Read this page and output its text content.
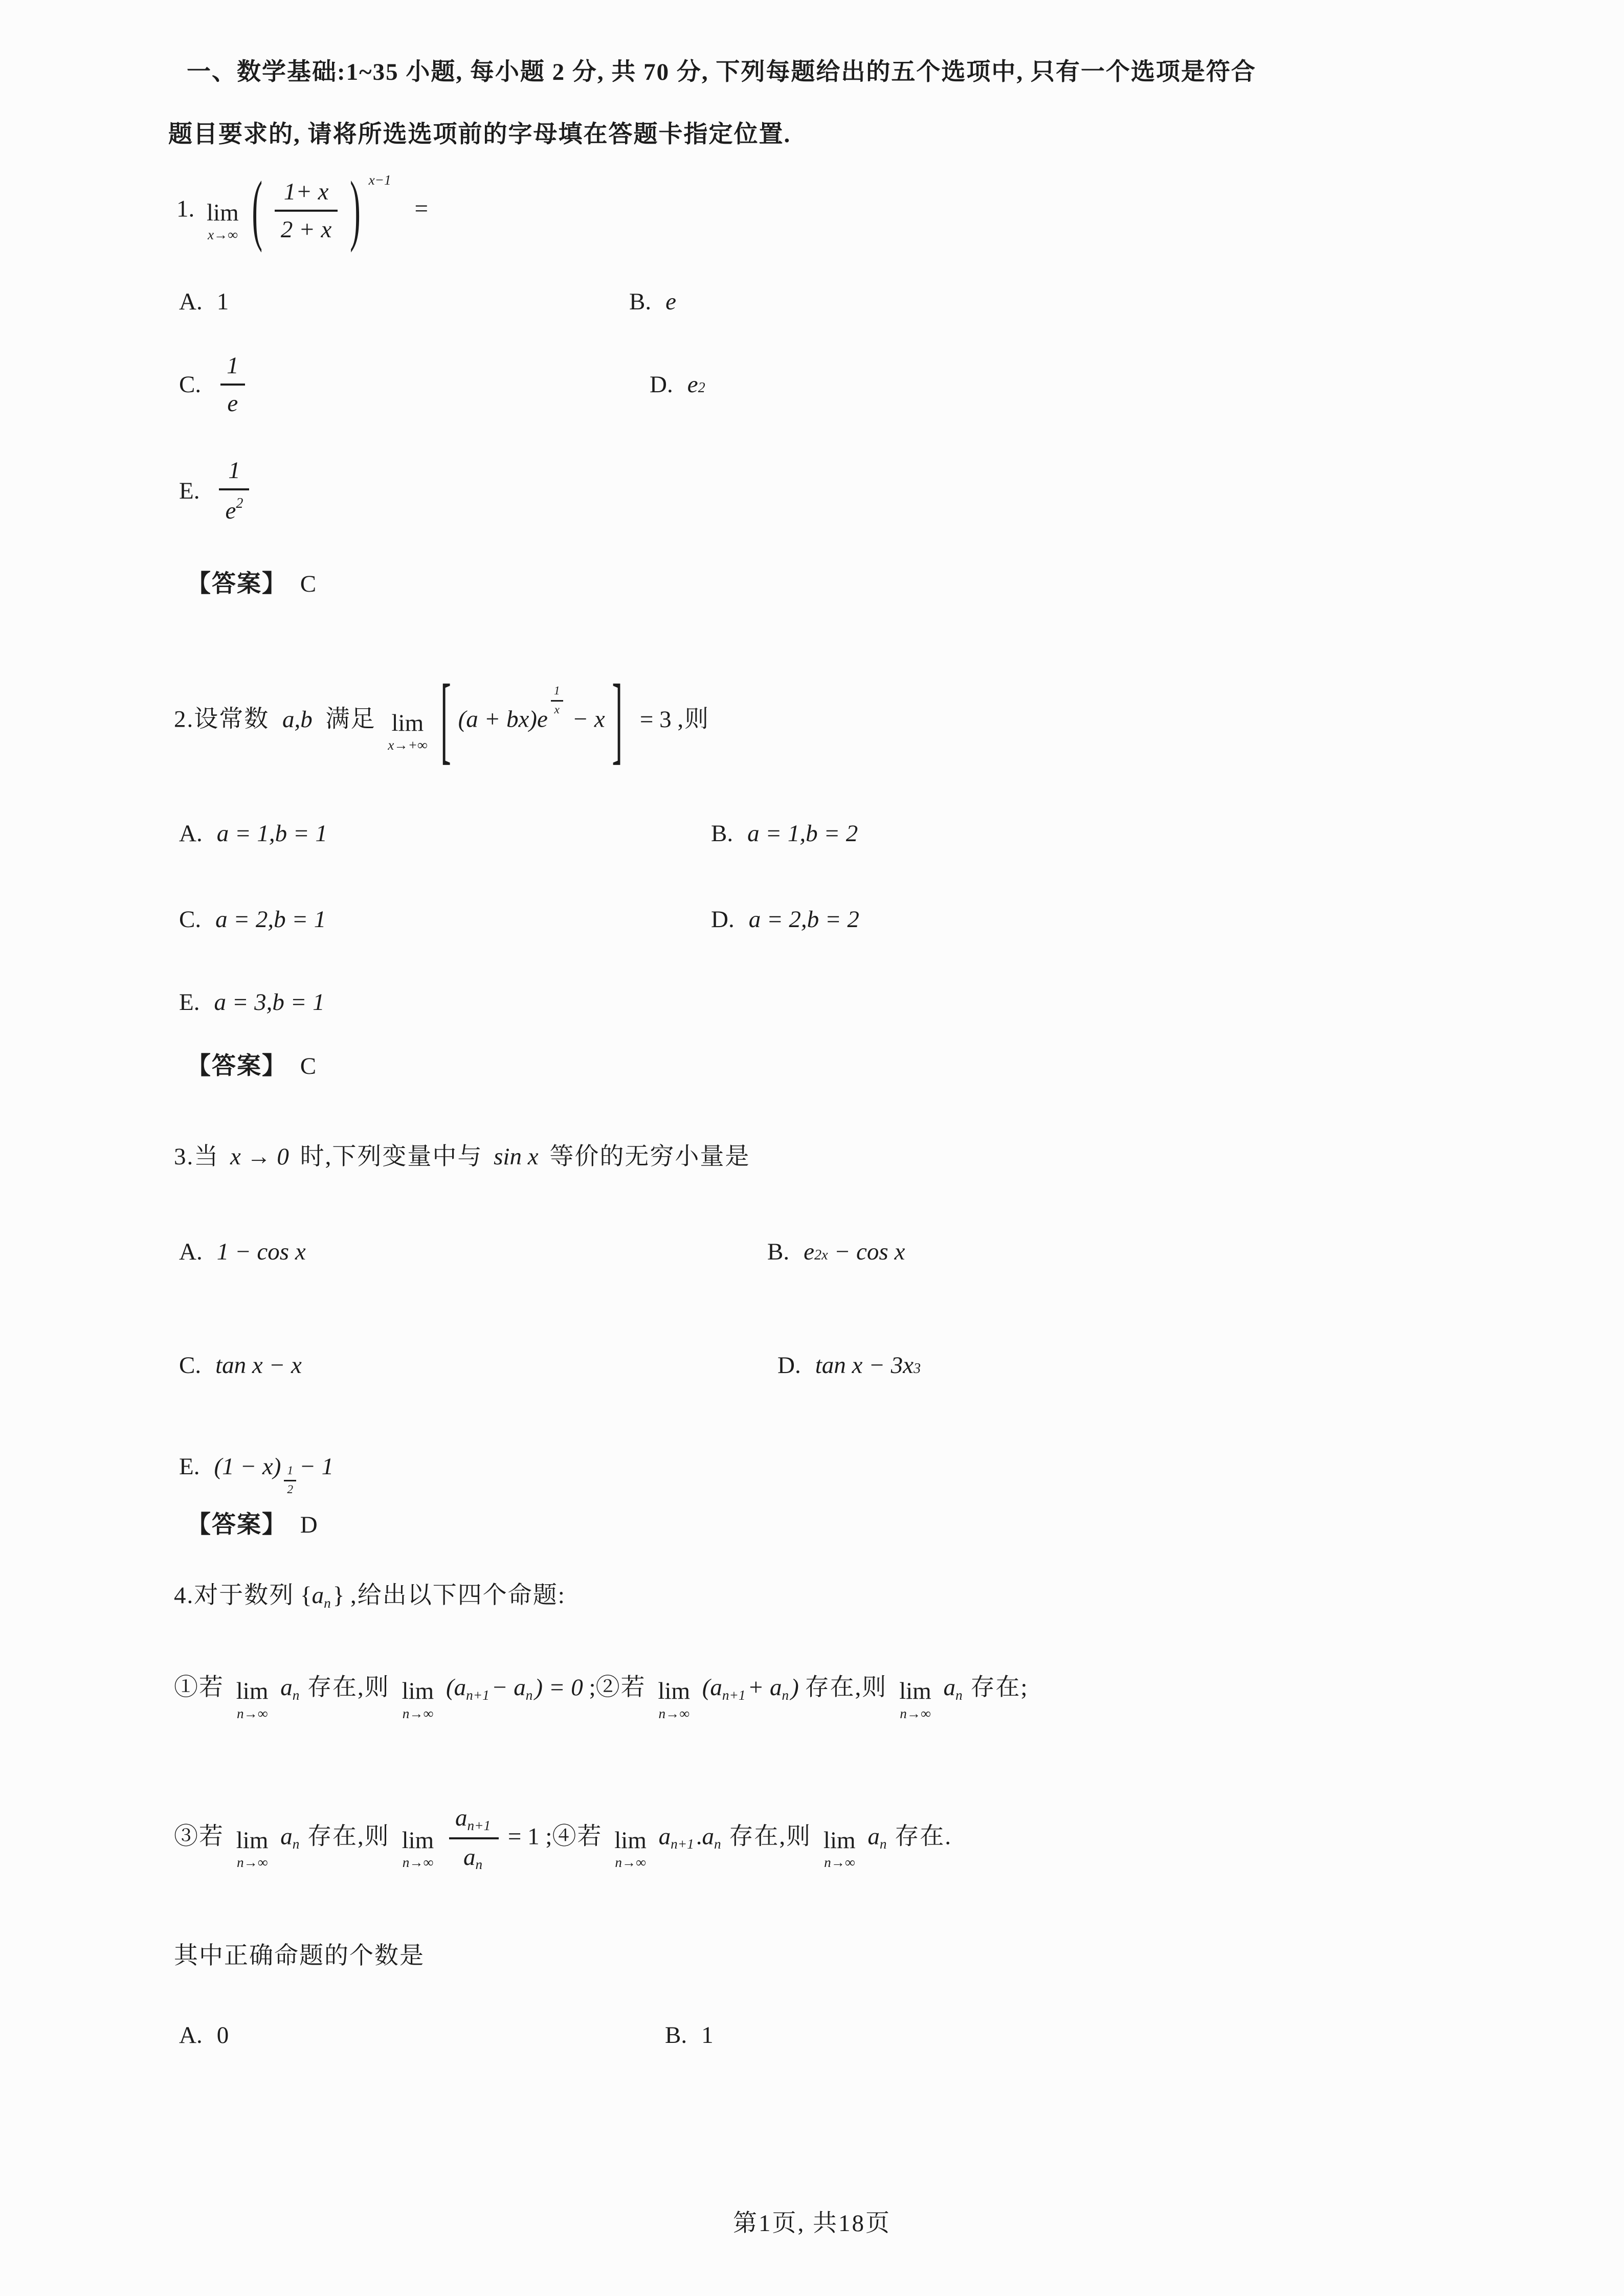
一、数学基础:1~35 小题, 每小题 2 分, 共 70 分, 下列每题给出的五个选项中, 只有一个选项是符合
题目要求的, 请将所选选项前的字母填在答题卡指定位置.
1. lim
x→∞ ( $\frac{1+ x}{2 + x}$ ) $^{x-1}$ =
A. 1	B. e
C. $\frac{1}{e}$	D. e 2
E. $\frac{1}{e^2}$
【答案】 C
2.设常数 a,b 满足 lim
x→+∞ [ (a + bx)e
$\frac{1}{x}$
− x ] = 3 ,则
A. a = 1,b = 1	B. a = 1,b = 2
C. a = 2,b = 1	D. a = 2,b = 2
E. a = 3,b = 1
【答案】 C
3.当 x → 0 时,下列变量中与 sin x 等价的无穷小量是
A. 1 − cos x	B. e 2x − cos x
C. tan x − x	D. tan x − 3x 3
E. $(1 - x) \frac{1}{2} - 1$
【答案】 D
4.对于数列 $\{a_n\}$ ,给出以下四个命题:
①若 lim
n→∞
$a_n$ 存在,则 lim
n→∞
$(a_{n+1}- a_n) = 0$ ;②若 lim
n→∞
$(a_{n+1}+ a_n)$ 存在,则 lim
n→∞
$a_n$ 存在;
③若 lim
n→∞
$a_n$ 存在,则 lim
n→∞
$\frac{a_{n+1}}{a_n} = 1$ ;④若 lim
n→∞
$a_{n+1}.a_n$ 存在,则 lim
n→∞
$a_n$ 存在.
其中正确命题的个数是
A. 0	B. 1
第1页, 共18页
